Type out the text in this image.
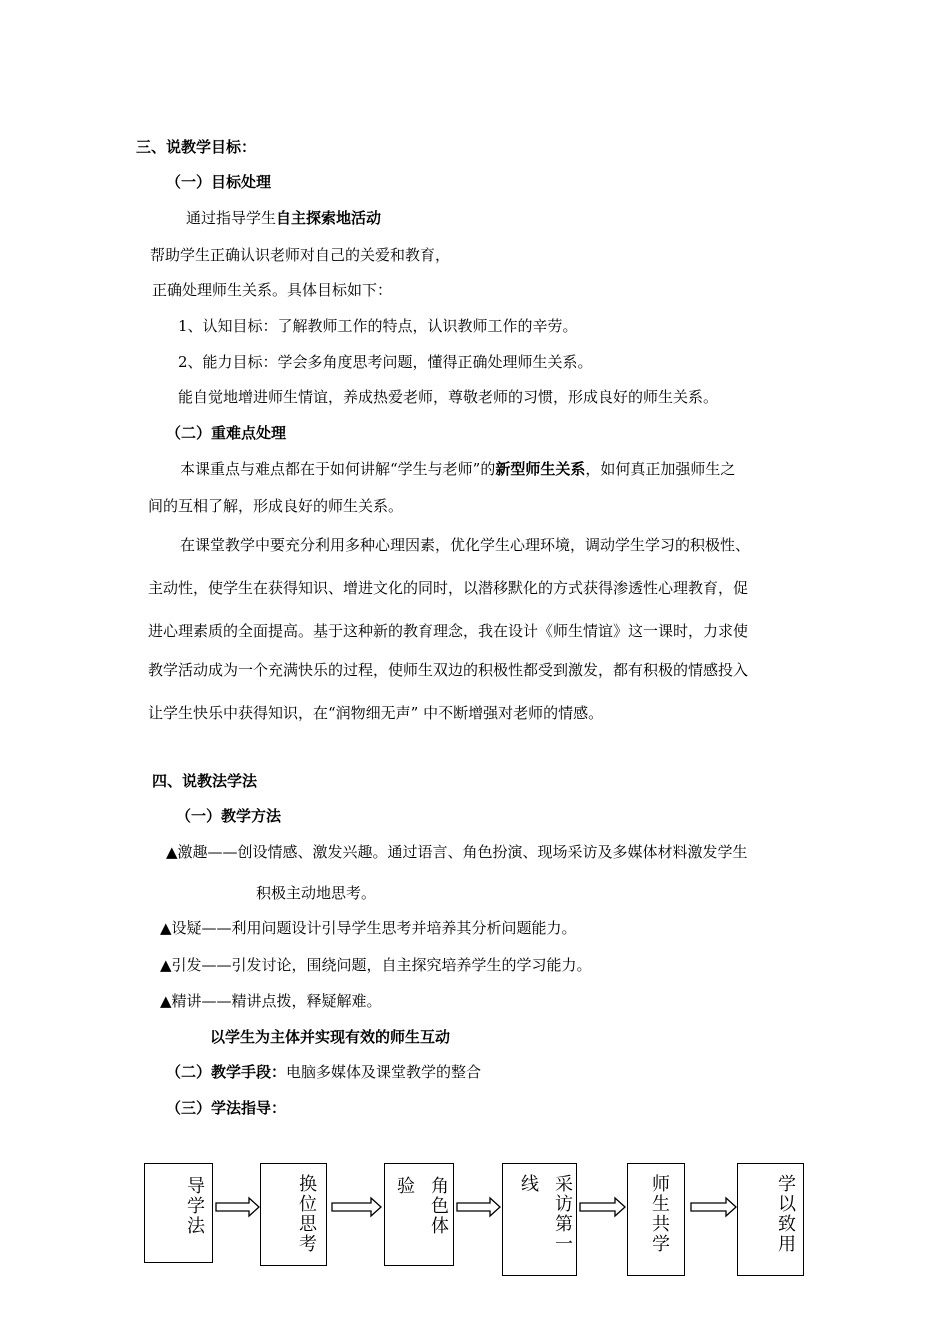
三、说教学目标：
（一）目标处理
通过指导学生自主探索地活动
帮助学生正确认识老师对自己的关爱和教育，
正确处理师生关系。具体目标如下：
1、认知目标：了解教师工作的特点，认识教师工作的辛劳。
2、能力目标：学会多角度思考问题，懂得正确处理师生关系。
能自觉地增进师生情谊，养成热爱老师，尊敬老师的习惯，形成良好的师生关系。
（二）重难点处理
本课重点与难点都在于如何讲解“学生与老师”的新型师生关系，如何真正加强师生之
间的互相了解，形成良好的师生关系。
在课堂教学中要充分利用多种心理因素，优化学生心理环境，调动学生学习的积极性、
主动性，使学生在获得知识、增进文化的同时，以潜移默化的方式获得渗透性心理教育，促
进心理素质的全面提高。基于这种新的教育理念，我在设计《师生情谊》这一课时，力求使
教学活动成为一个充满快乐的过程，使师生双边的积极性都受到激发，都有积极的情感投入
让学生快乐中获得知识，在“润物细无声” 中不断增强对老师的情感。
四、说教法学法
（一）教学方法
▲激趣——创设情感、激发兴趣。通过语言、角色扮演、现场采访及多媒体材料激发学生
积极主动地思考。
▲设疑——利用问题设计引导学生思考并培养其分析问题能力。
▲引发——引发讨论，围绕问题，自主探究培养学生的学习能力。
▲精讲——精讲点拨，释疑解难。
以学生为主体并实现有效的师生互动
（二）教学手段：电脑多媒体及课堂教学的整合
（三）学法指导：
导学法	换位思考	验 角色体	线 采访第一	师生共学	学以致用
